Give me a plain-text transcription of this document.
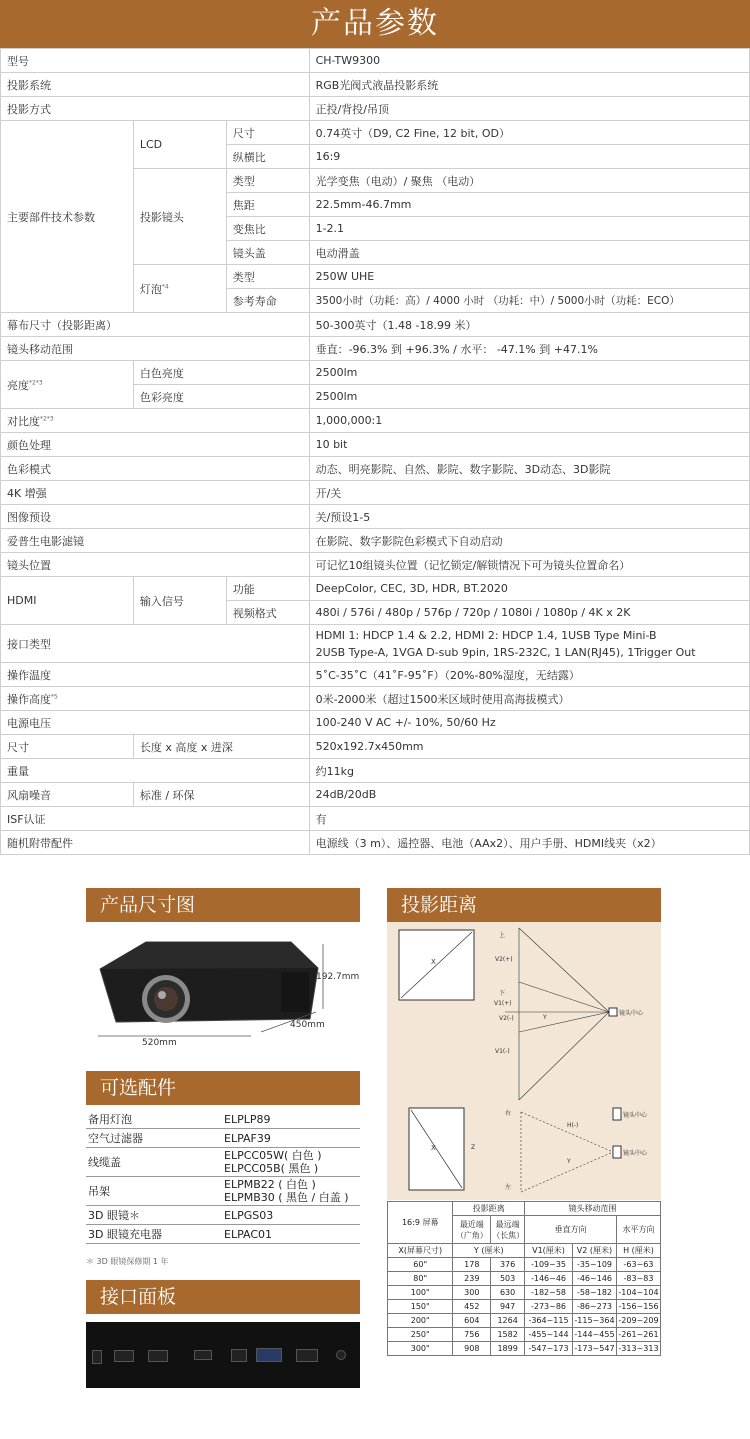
产品参数
型号			CH-TW9300
投影系统			RGB光阀式液晶投影系统
投影方式			正投/背投/吊顶
主要部件技术参数	LCD	尺寸	0.74英寸（D9, C2 Fine, 12 bit, OD）
		纵横比	16:9
	投影镜头	类型	光学变焦（电动）/ 聚焦 （电动）
		焦距	22.5mm-46.7mm
		变焦比	1-2.1
		镜头盖	电动滑盖
	灯泡$^{*4}$	类型	250W UHE
		参考寿命	3500小时（功耗：高）/ 4000 小时 （功耗：中）/ 5000小时（功耗：ECO）
幕布尺寸（投影距离）			50-300英寸（1.48 -18.99 米）
镜头移动范围			垂直：-96.3% 到 +96.3% / 水平： -47.1% 到 +47.1%
亮度$^{*2*3}$	白色亮度		2500lm
	色彩亮度		2500lm
对比度$^{*2*3}$			1,000,000:1
颜色处理			10 bit
色彩模式			动态、明亮影院、自然、影院、数字影院、3D动态、3D影院
4K 增强			开/关
图像预设			关/预设1-5
爱普生电影滤镜			在影院、数字影院色彩模式下自动启动
镜头位置			可记忆10组镜头位置（记忆锁定/解锁情况下可为镜头位置命名）
HDMI	输入信号	功能	DeepColor, CEC, 3D, HDR, BT.2020
		视频格式	480i / 576i / 480p / 576p / 720p / 1080i / 1080p / 4K x 2K
接口类型			HDMI 1: HDCP 1.4 & 2.2, HDMI 2: HDCP 1.4, 1USB Type Mini-B
2USB Type-A, 1VGA D-sub 9pin, 1RS-232C, 1 LAN(RJ45), 1Trigger Out

操作温度			5˚C-35˚C（41˚F-95˚F）（20%-80%湿度，无结露）
操作高度$^{*5}$			0米-2000米（超过1500米区域时使用高海拔模式）
电源电压			100-240 V AC +/- 10%, 50/60 Hz
尺寸	长度 x 高度 x 进深		520x192.7x450mm
重量			约11kg
风扇噪音	标准 / 环保		24dB/20dB
ISF认证			有
随机附带配件			电源线（3 m）、遥控器、电池（AAx2）、用户手册、HDMI线夹（x2）
产品尺寸图
192.7mm
520mm
450mm
可选配件
备用灯泡	ELPLP89
空气过滤器	ELPAF39
线缆盖	ELPCC05W( 白色 )
ELPCC05B( 黑色 )
吊架	ELPMB22 ( 白色 )
ELPMB30 ( 黑色 / 白盖 )
3D 眼镜＊	ELPGS03
3D 眼镜充电器	ELPAC01
＊ 3D 眼镜保修期 1 年
接口面板
投影距离
X	V2(+)
上
下
V1(+)
V2(-)	Y
镜头中心
V1(-)
X	Z
右
左
H(-)
Y
镜头中心
镜头中心
16:9 屏幕	投影距离		镜头移动范围		
	最近端（广角）	最远端（长焦）	垂直方向		水平方向
X(屏幕尺寸)	Y (厘米)		V1(厘米)	V2 (厘米)	H (厘米)
60"	178	376	-109~35	-35~109	-63~63
80"	239	503	-146~46	-46~146	-83~83
100"	300	630	-182~58	-58~182	-104~104
150"	452	947	-273~86	-86~273	-156~156
200"	604	1264	-364~115	-115~364	-209~209
250"	756	1582	-455~144	-144~455	-261~261
300"	908	1899	-547~173	-173~547	-313~313
